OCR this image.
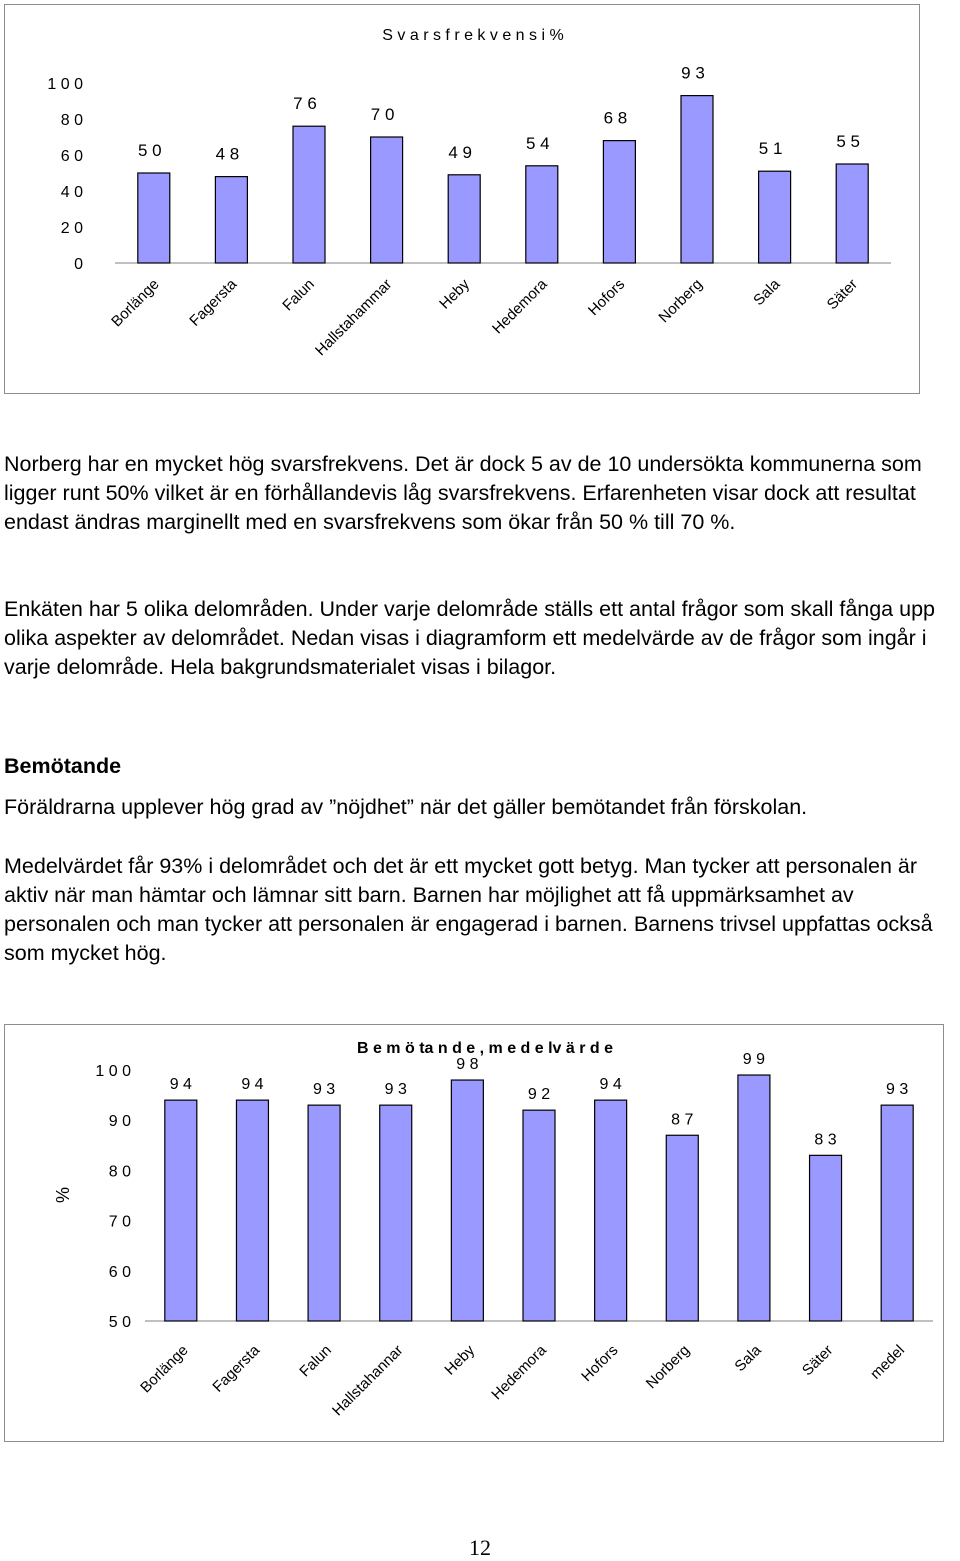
S v a r s f r e k v e n s i %
1 0 0
8 0
6 0
4 0
2 0
0
5 0
Borlänge
4 8
Fagersta
7 6
Falun
7 0
Hallstahammar
4 9
Heby
5 4
Hedemora
6 8
Hofors
9 3
Norberg
5 1
Sala
5 5
Säter
Norberg har en mycket hög svarsfrekvens. Det är dock 5 av de 10 undersökta kommunerna som ligger runt 50% vilket är en förhållandevis låg svarsfrekvens. Erfarenheten visar dock att resultat endast ändras marginellt med en svarsfrekvens som ökar från 50 % till 70 %.
Enkäten har 5 olika delområden. Under varje delområde ställs ett antal frågor som skall fånga upp olika aspekter av delområdet. Nedan visas i diagramform ett medelvärde av de frågor som ingår i varje delområde. Hela bakgrundsmaterialet visas i bilagor.
Bemötande
Föräldrarna upplever hög grad av ”nöjdhet” när det gäller bemötandet från förskolan.
Medelvärdet får 93% i delområdet och det är ett mycket gott betyg. Man tycker att personalen är aktiv när man hämtar och lämnar sitt barn. Barnen har möjlighet att få uppmärksamhet av personalen och man tycker att personalen är engagerad i barnen. Barnens trivsel uppfattas också som mycket hög.
B e m ö ta n d e , m e d e lv ä r d e
1 0 0
9 0
8 0
7 0
6 0
5 0
%
9 4
Borlänge
9 4
Fagersta
9 3
Falun
9 3
Hallstahannar
9 8
Heby
9 2
Hedemora
9 4
Hofors
8 7
Norberg
9 9
Sala
8 3
Säter
9 3
medel
12
